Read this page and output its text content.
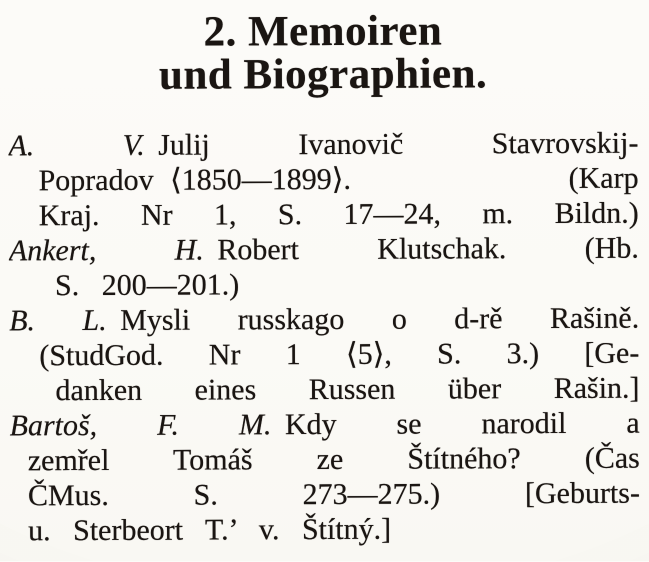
2. Memoiren
und Biographien.

A. V. Julij Ivanovič Stavrovskij-

Popradov ⟨1850—1899⟩.	(Karp

Kraj. Nr 1, S. 17—24, m. Bildn.)

Ankert, H. Robert Klutschak. (Hb.

S. 200—201.)

B. L. Mysli russkago o d-rě Rašině.

(StudGod. Nr 1 ⟨5⟩, S. 3.) [Ge-

danken eines Russen über Rašin.]

Bartoš, F. M. Kdy se narodil a

zemřel Tomáš ze Štítného? (Čas

ČMus. S. 273—275.) [Geburts-

u. Sterbeort T.’ v. Štítný.]
